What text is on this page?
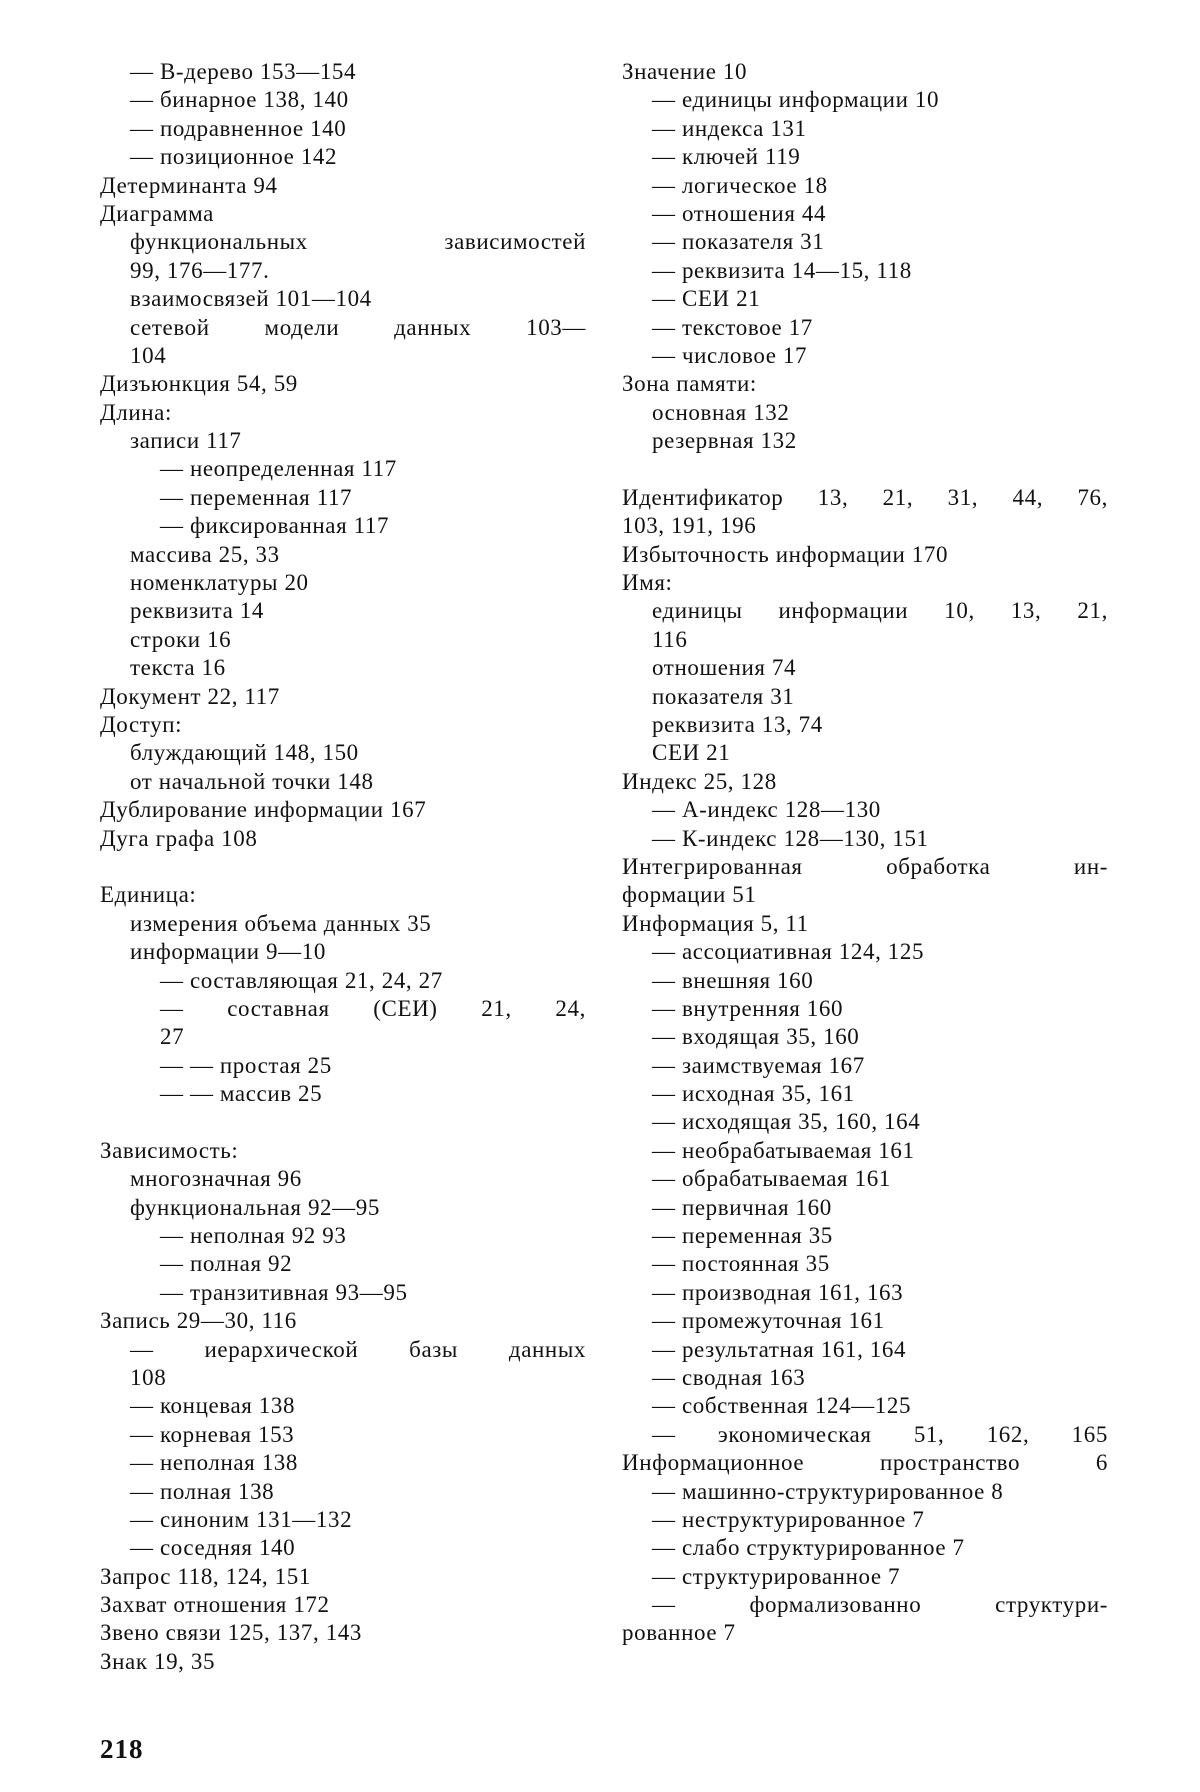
— В-дерево 153—154
— бинарное 138, 140
— подравненное 140
— позиционное 142
Детерминанта 94
Диаграмма
функциональных	зависимостей
99, 176—177.
взаимосвязей 101—104
сетевой модели данных 103—
104
Дизъюнкция 54, 59
Длина:
записи 117
— неопределенная 117
— переменная 117
— фиксированная 117
массива 25, 33
номенклатуры 20
реквизита 14
строки 16
текста 16
Документ 22, 117
Доступ:
блуждающий 148, 150
от начальной точки 148
Дублирование информации 167
Дуга графа 108
Единица:
измерения объема данных 35
информации 9—10
— составляющая 21, 24, 27
— составная (СЕИ) 21, 24,
27
— — простая 25
— — массив 25
Зависимость:
многозначная 96
функциональная 92—95
— неполная 92 93
— полная 92
— транзитивная 93—95
Запись 29—30, 116
— иерархической базы данных
108
— концевая 138
— корневая 153
— неполная 138
— полная 138
— синоним 131—132
— соседняя 140
Запрос 118, 124, 151
Захват отношения 172
Звено связи 125, 137, 143
Знак 19, 35
Значение 10
— единицы информации 10
— индекса 131
— ключей 119
— логическое 18
— отношения 44
— показателя 31
— реквизита 14—15, 118
— СЕИ 21
— текстовое 17
— числовое 17
Зона памяти:
основная 132
резервная 132
Идентификатор 13, 21, 31, 44, 76,
103, 191, 196
Избыточность информации 170
Имя:
единицы информации 10, 13, 21,
116
отношения 74
показателя 31
реквизита 13, 74
СЕИ 21
Индекс 25, 128
— А-индекс 128—130
— К-индекс 128—130, 151
Интегрированная	обработка	ин-
формации 51
Информация 5, 11
— ассоциативная 124, 125
— внешняя 160
— внутренняя 160
— входящая 35, 160
— заимствуемая 167
— исходная 35, 161
— исходящая 35, 160, 164
— необрабатываемая 161
— обрабатываемая 161
— первичная 160
— переменная 35
— постоянная 35
— производная 161, 163
— промежуточная 161
— результатная 161, 164
— сводная 163
— собственная 124—125
— экономическая 51, 162, 165
Информационное	пространство	6
— машинно-структурированное 8
— неструктурированное 7
— слабо структурированное 7
— структурированное 7
—	формализованно	структури-
рованное 7
218
